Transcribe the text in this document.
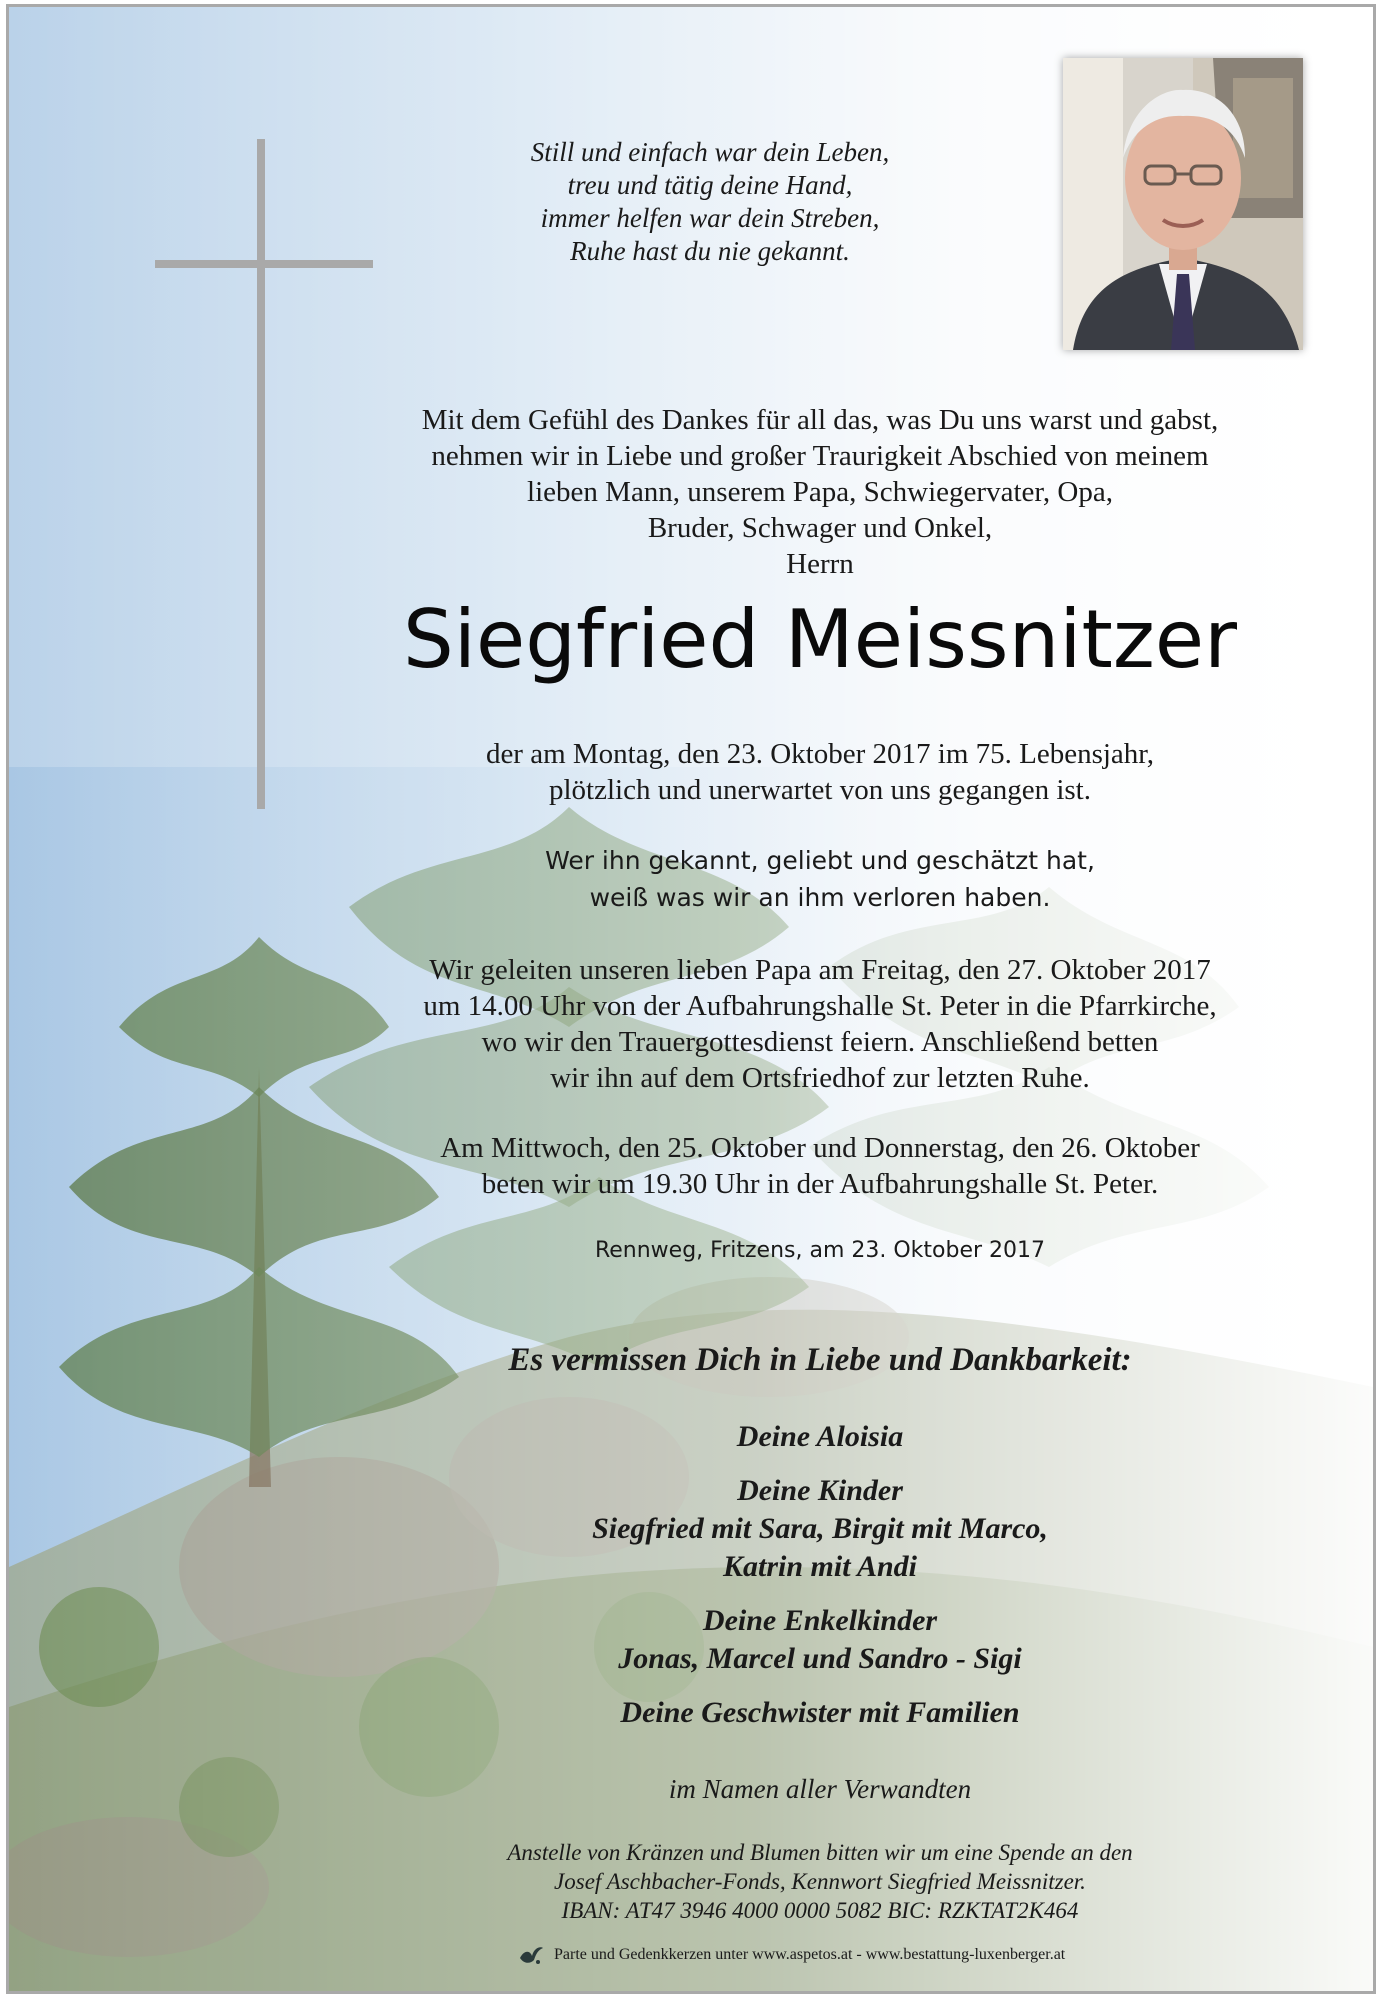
Still und einfach war dein Leben,
treu und tätig deine Hand,
immer helfen war dein Streben,
Ruhe hast du nie gekannt.
Mit dem Gefühl des Dankes für all das, was Du uns warst und gabst,
nehmen wir in Liebe und großer Traurigkeit Abschied von meinem
lieben Mann, unserem Papa, Schwiegervater, Opa,
Bruder, Schwager und Onkel,
Herrn
Siegfried Meissnitzer
der am Montag, den 23. Oktober 2017 im 75. Lebensjahr,
plötzlich und unerwartet von uns gegangen ist.
Wer ihn gekannt, geliebt und geschätzt hat,
weiß was wir an ihm verloren haben.
Wir geleiten unseren lieben Papa am Freitag, den 27. Oktober 2017
um 14.00 Uhr von der Aufbahrungshalle St. Peter in die Pfarrkirche,
wo wir den Trauergottesdienst feiern. Anschließend betten
wir ihn auf dem Ortsfriedhof zur letzten Ruhe.
Am Mittwoch, den 25. Oktober und Donnerstag, den 26. Oktober
beten wir um 19.30 Uhr in der Aufbahrungshalle St. Peter.
Rennweg, Fritzens, am 23. Oktober 2017
Es vermissen Dich in Liebe und Dankbarkeit:
Deine Aloisia
Deine Kinder
Siegfried mit Sara, Birgit mit Marco,
Katrin mit Andi
Deine Enkelkinder
Jonas, Marcel und Sandro - Sigi
Deine Geschwister mit Familien
im Namen aller Verwandten
Anstelle von Kränzen und Blumen bitten wir um eine Spende an den
Josef Aschbacher-Fonds, Kennwort Siegfried Meissnitzer.
IBAN: AT47 3946 4000 0000 5082 BIC: RZKTAT2K464
Parte und Gedenkkerzen unter www.aspetos.at - www.bestattung-luxenberger.at
